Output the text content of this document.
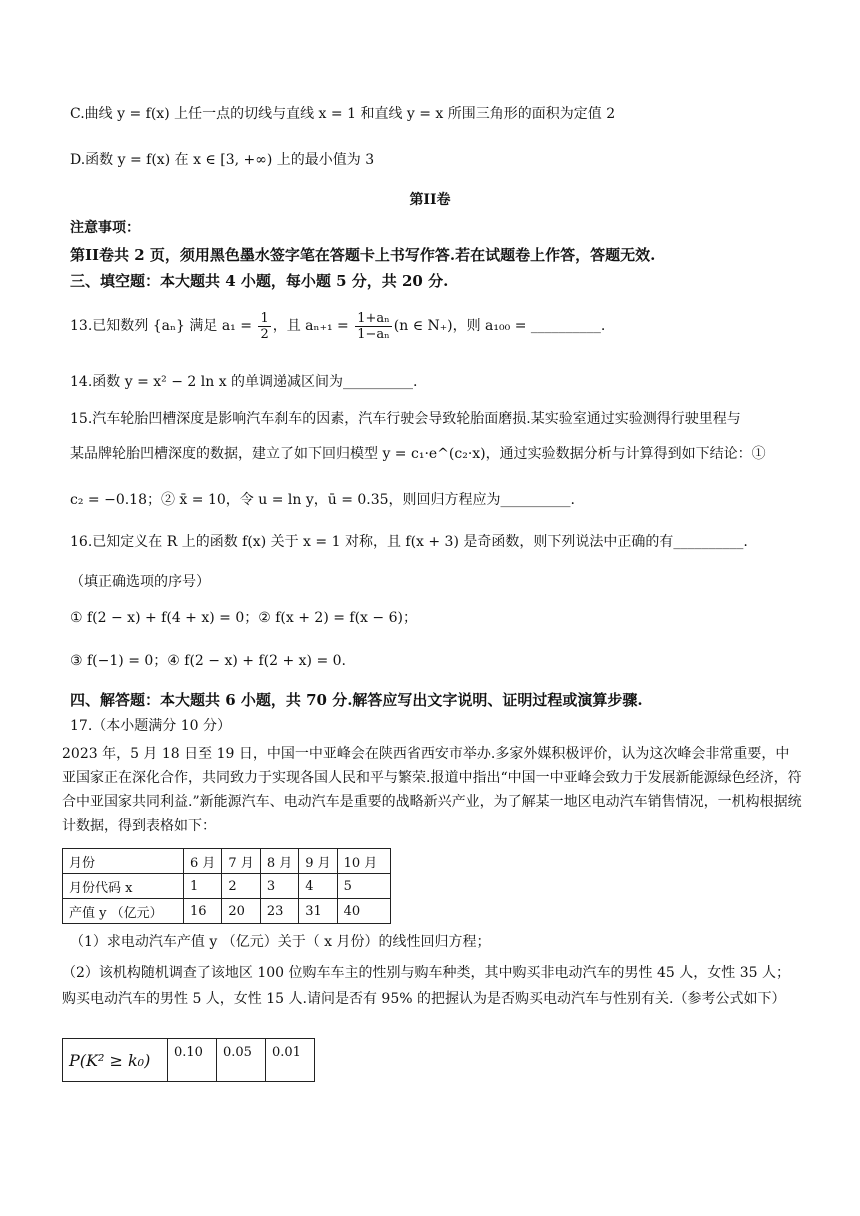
C.曲线 y = f(x) 上任一点的切线与直线 x = 1 和直线 y = x 所围三角形的面积为定值 2
D.函数 y = f(x) 在 x ∈ [3, +∞) 上的最小值为 3
第II卷
注意事项：
第II卷共 2 页，须用黑色墨水签字笔在答题卡上书写作答.若在试题卷上作答，答题无效.
三、填空题：本大题共 4 小题，每小题 5 分，共 20 分.
13.已知数列 {aₙ} 满足 $a_1 = \frac{1}{2}$ ，且 $a_{n+1} = \frac{\text{1+aₙ}}{\text{1−aₙ}} (n$ ∈ N₊)，则 a₁₀₀ = __________.
14.函数 y = x² − 2 ln x 的单调递减区间为__________.
15.汽车轮胎凹槽深度是影响汽车刹车的因素，汽车行驶会导致轮胎面磨损.某实验室通过实验测得行驶里程与
某品牌轮胎凹槽深度的数据，建立了如下回归模型 y = c₁·e^(c₂·x)，通过实验数据分析与计算得到如下结论：①
c₂ = −0.18；② x̄ = 10，令 u = ln y，ū = 0.35，则回归方程应为__________.
16.已知定义在 R 上的函数 f(x) 关于 x = 1 对称，且 f(x + 3) 是奇函数，则下列说法中正确的有__________.
（填正确选项的序号）
① f(2 − x) + f(4 + x) = 0；② f(x + 2) = f(x − 6)；
③ f(−1) = 0；④ f(2 − x) + f(2 + x) = 0.
四、解答题：本大题共 6 小题，共 70 分.解答应写出文字说明、证明过程或演算步骤.
17.（本小题满分 10 分）
2023 年，5 月 18 日至 19 日，中国一中亚峰会在陕西省西安市举办.多家外媒积极评价，认为这次峰会非常重要，中亚国家正在深化合作，共同致力于实现各国人民和平与繁荣.报道中指出“中国一中亚峰会致力于发展新能源绿色经济，符合中亚国家共同利益.”新能源汽车、电动汽车是重要的战略新兴产业，为了解某一地区电动汽车销售情况，一机构根据统计数据，得到表格如下：
月份	6 月	7 月	8 月	9 月	10 月
月份代码 x	1	2	3	4	5
产值 y （亿元）	16	20	23	31	40
（1）求电动汽车产值 y （亿元）关于（ x 月份）的线性回归方程；
（2）该机构随机调查了该地区 100 位购车车主的性别与购车种类，其中购买非电动汽车的男性 45 人，女性 35 人；购买电动汽车的男性 5 人，女性 15 人.请问是否有 95% 的把握认为是否购买电动汽车与性别有关.（参考公式如下）
P(K² ≥ k₀)	0.10	0.05	0.01
